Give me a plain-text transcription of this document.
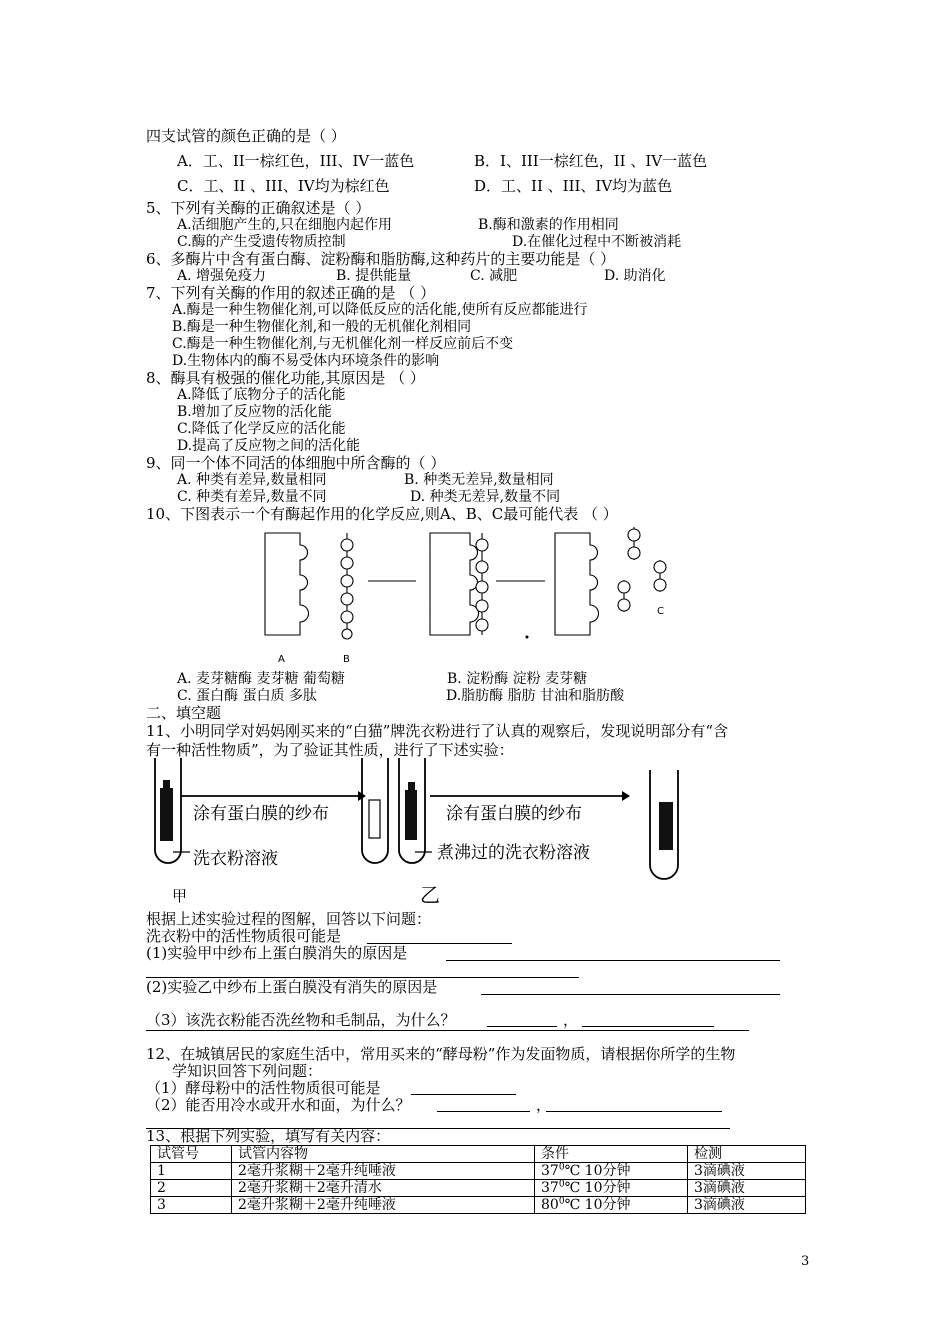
四支试管的颜色正确的是（ ）
A．工、II一棕红色，III、IV一蓝色	B．I、III一棕红色，II 、IV一蓝色
C．工、II 、III、IV均为棕红色	D．工、II 、III、IV均为蓝色
5、下列有关酶的正确叙述是（ ）
A.活细胞产生的,只在细胞内起作用	B.酶和激素的作用相同
C.酶的产生受遗传物质控制	D.在催化过程中不断被消耗
6、多酶片中含有蛋白酶、淀粉酶和脂肪酶,这种药片的主要功能是（ ）
A. 增强免疫力	B. 提供能量	C. 减肥	D. 助消化
7、下列有关酶的作用的叙述正确的是 （ ）
A.酶是一种生物催化剂,可以降低反应的活化能,使所有反应都能进行
B.酶是一种生物催化剂,和一般的无机催化剂相同
C.酶是一种生物催化剂,与无机催化剂一样反应前后不变
D.生物体内的酶不易受体内环境条件的影响
8、酶具有极强的催化功能,其原因是 （ ）
A.降低了底物分子的活化能
B.增加了反应物的活化能
C.降低了化学反应的活化能
D.提高了反应物之间的活化能
9、同一个体不同活的体细胞中所含酶的（ ）
A. 种类有差异,数量相同	B. 种类无差异,数量相同
C. 种类有差异,数量不同	D. 种类无差异,数量不同
10、下图表示一个有酶起作用的化学反应,则A、B、C最可能代表 （ ）
A	B
C
A. 麦芽糖酶 麦芽糖 葡萄糖	B. 淀粉酶 淀粉 麦芽糖
C. 蛋白酶 蛋白质 多肽	D.脂肪酶 脂肪 甘油和脂肪酸
二、填空题
11、小明同学对妈妈刚买来的“白猫”牌洗衣粉进行了认真的观察后，发现说明部分有“含
有一种活性物质”，为了验证其性质，进行了下述实验：
涂有蛋白膜的纱布
洗衣粉溶液
涂有蛋白膜的纱布
煮沸过的洗衣粉溶液
甲	乙
根据上述实验过程的图解，回答以下问题：
洗衣粉中的活性物质很可能是
(1)实验甲中纱布上蛋白膜消失的原因是
(2)实验乙中纱布上蛋白膜没有消失的原因是
（3）该洗衣粉能否洗丝物和毛制品，为什么？	，
12、在城镇居民的家庭生活中，常用买来的“酵母粉”作为发面物质，请根据你所学的生物
学知识回答下列问题：
（1）酵母粉中的活性物质很可能是
（2）能否用冷水或开水和面，为什么？	，
13、根据下列实验，填写有关内容：
试管号	试管内容物	条件	检测
1	2毫升浆糊＋2毫升纯唾液	$37^0℃$ 10分钟	3滴碘液
2	2毫升浆糊＋2毫升清水	$37^0℃$ 10分钟	3滴碘液
3	2毫升浆糊＋2毫升纯唾液	$80^0℃$ 10分钟	3滴碘液
3
